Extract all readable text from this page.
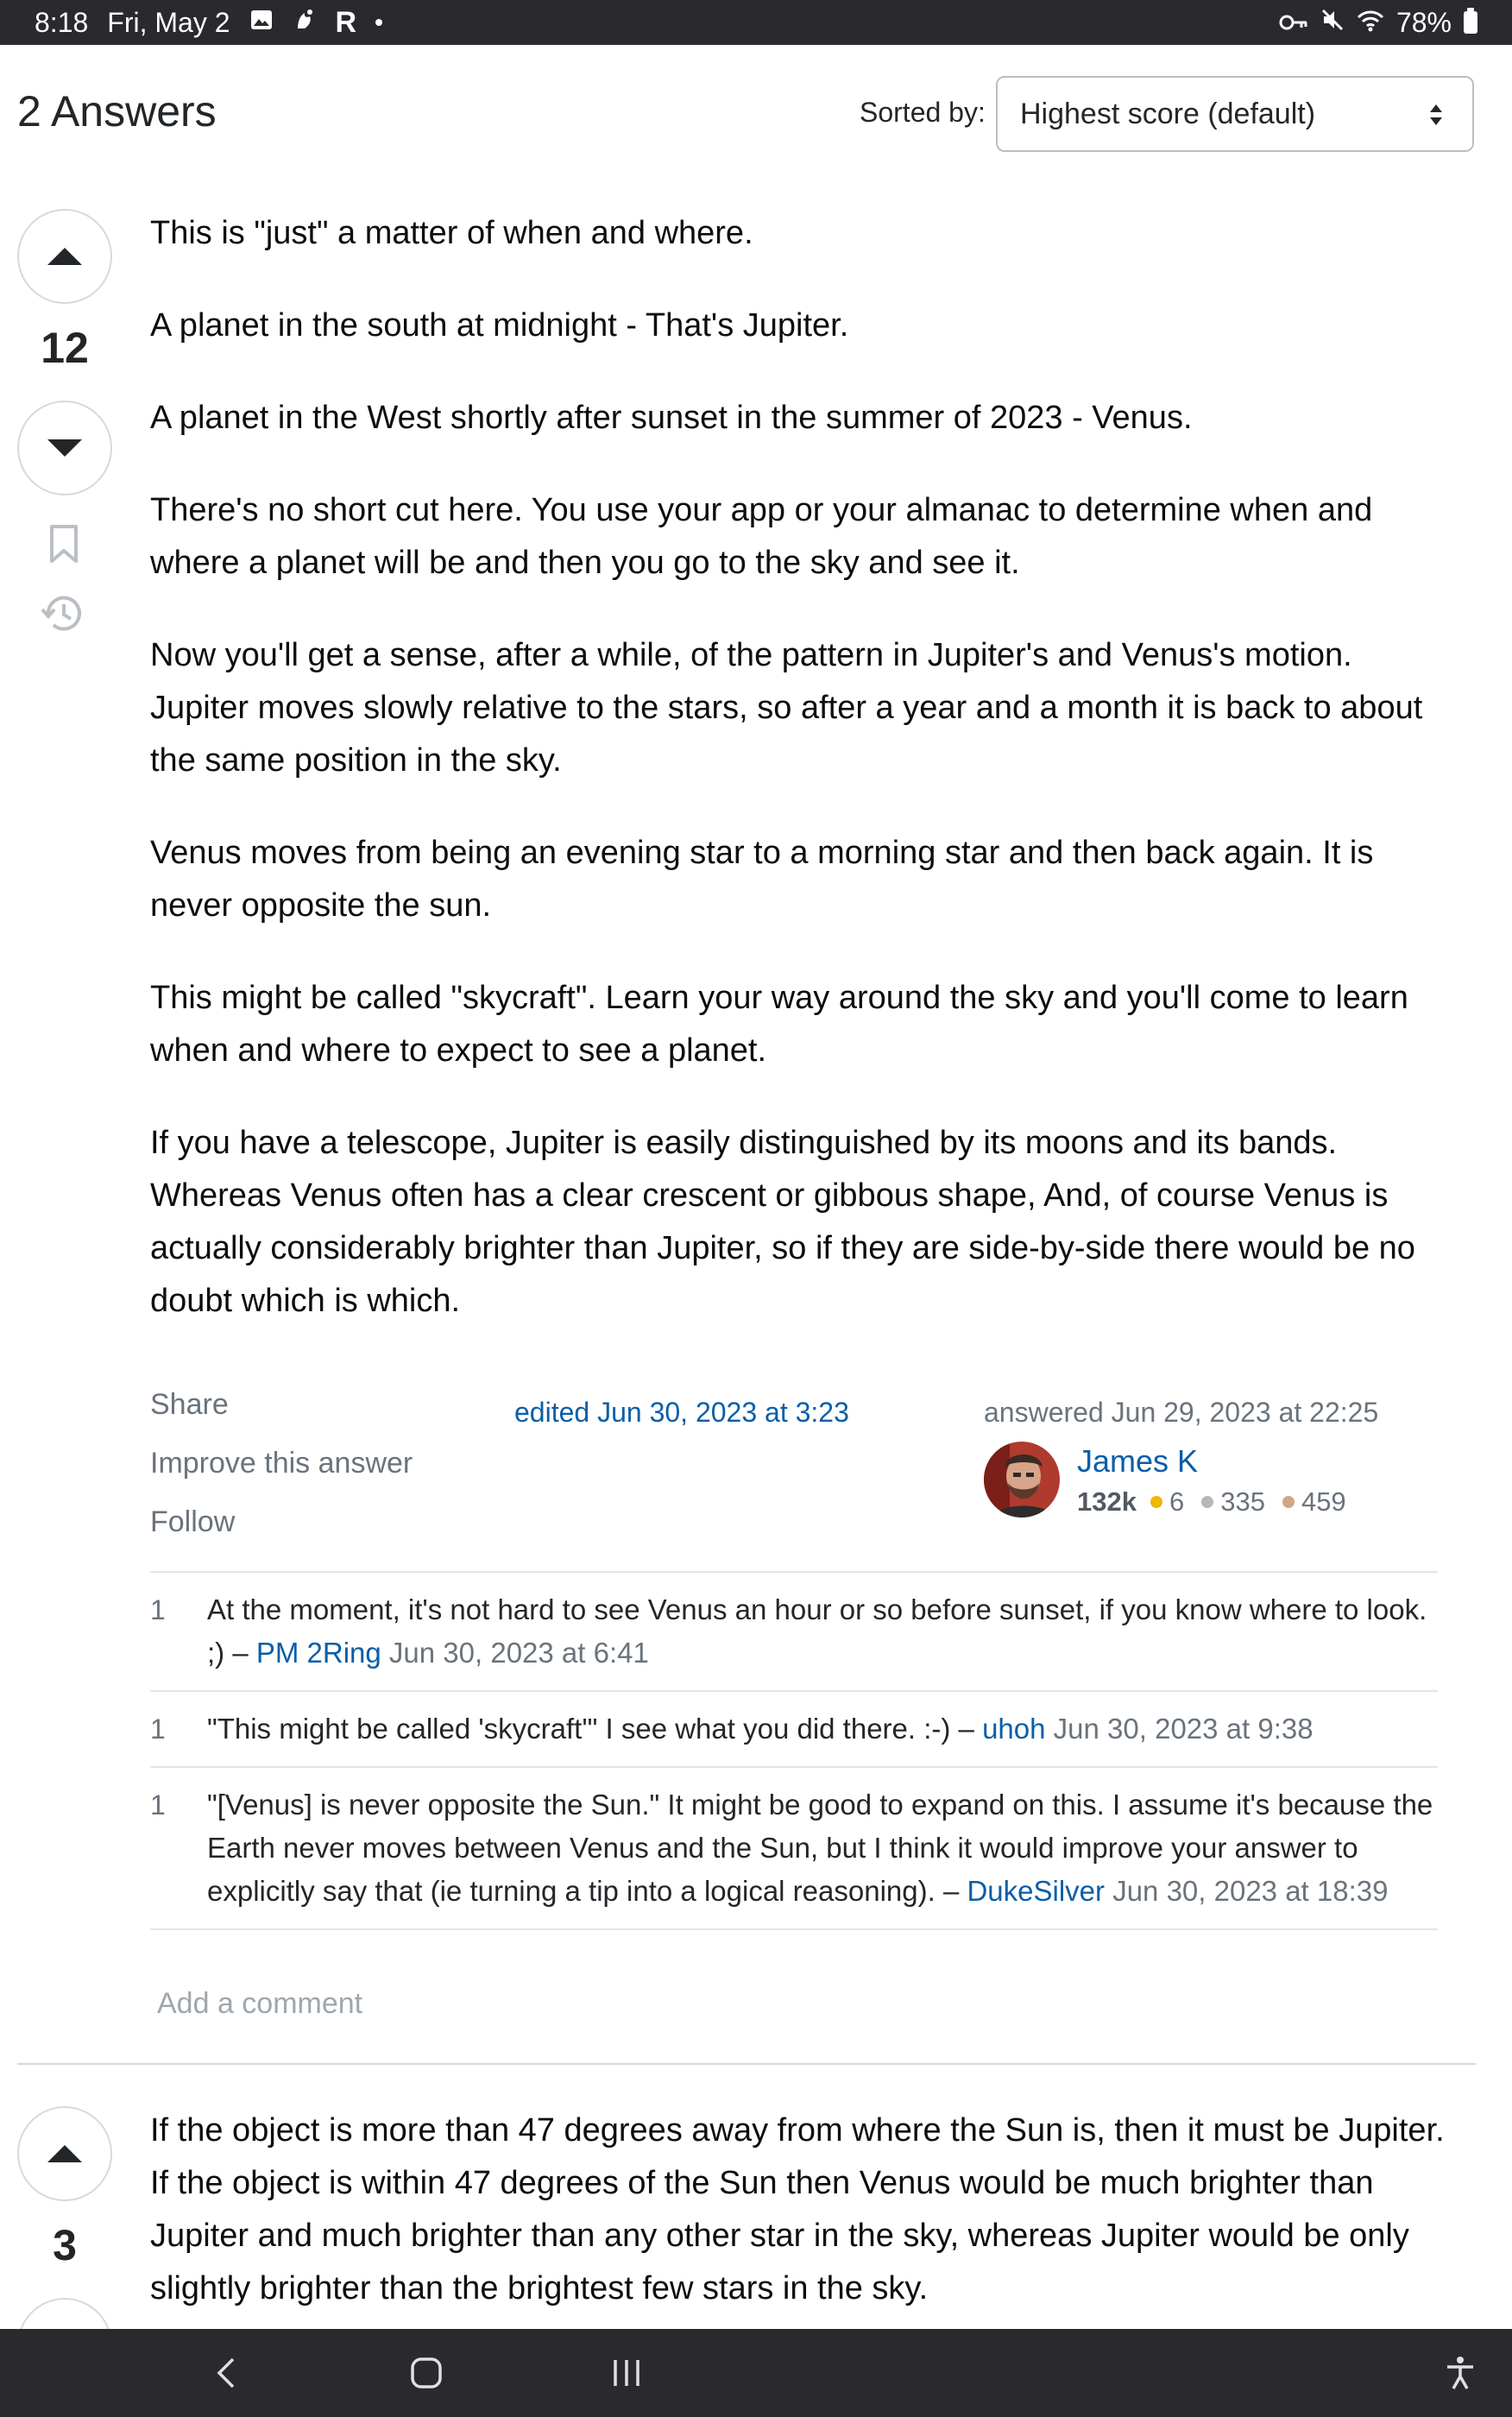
8:18 Fri, May 2	R	78%
2 Answers	Sorted by: Highest score (default)
12

This is "just" a matter of when and where.

A planet in the south at midnight - That's Jupiter.

A planet in the West shortly after sunset in the summer of 2023 - Venus.

There's no short cut here. You use your app or your almanac to determine when and where a planet will be and then you go to the sky and see it.

Now you'll get a sense, after a while, of the pattern in Jupiter's and Venus's motion. Jupiter moves slowly relative to the stars, so after a year and a month it is back to about the same position in the sky.

Venus moves from being an evening star to a morning star and then back again. It is never opposite the sun.

This might be called "skycraft". Learn your way around the sky and you'll come to learn when and where to expect to see a planet.

If you have a telescope, Jupiter is easily distinguished by its moons and its bands. Whereas Venus often has a clear crescent or gibbous shape, And, of course Venus is actually considerably brighter than Jupiter, so if they are side-by-side there would be no doubt which is which.

Share
Improve this answer
Follow
edited Jun 30, 2023 at 3:23	answered Jun 29, 2023 at 22:25
James K
132k 6 335 459
1	At the moment, it's not hard to see Venus an hour or so before sunset, if you know where to look. ;) – PM 2Ring Jun 30, 2023 at 6:41
1	"This might be called 'skycraft'" I see what you did there. :-) – uhoh Jun 30, 2023 at 9:38
1	"[Venus] is never opposite the Sun." It might be good to expand on this. I assume it's because the Earth never moves between Venus and the Sun, but I think it would improve your answer to explicitly say that (ie turning a tip into a logical reasoning). – DukeSilver Jun 30, 2023 at 18:39
Add a comment
3

If the object is more than 47 degrees away from where the Sun is, then it must be Jupiter. If the object is within 47 degrees of the Sun then Venus would be much brighter than Jupiter and much brighter than any other star in the sky, whereas Jupiter would be only slightly brighter than the brightest few stars in the sky.
